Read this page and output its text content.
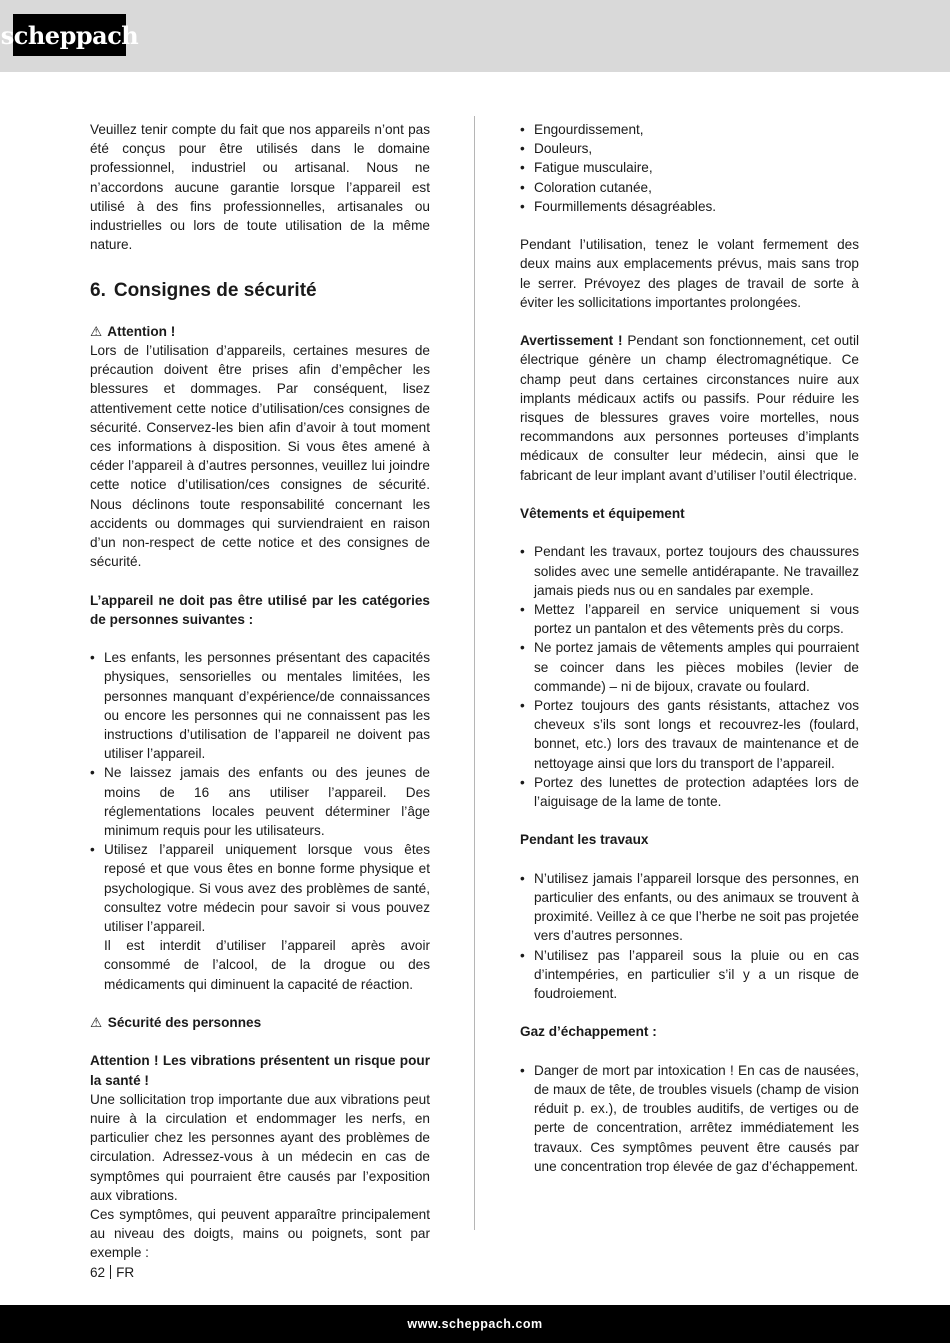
scheppach

Veuillez tenir compte du fait que nos appareils n’ont pas été conçus pour être utilisés dans le domaine professionnel, industriel ou artisanal. Nous ne n’accordons aucune garantie lorsque l’appareil est utilisé à des fins professionnelles, artisanales ou industrielles ou lors de toute utilisation de la même nature.

6. Consignes de sécurité

⚠ Attention !

Lors de l’utilisation d’appareils, certaines mesures de précaution doivent être prises afin d’empêcher les blessures et dommages. Par conséquent, lisez attentivement cette notice d’utilisation/ces consignes de sécurité. Conservez-les bien afin d’avoir à tout moment ces informations à disposition. Si vous êtes amené à céder l’appareil à d’autres personnes, veuillez lui joindre cette notice d’utilisation/ces consignes de sécurité. Nous déclinons toute responsabilité concernant les accidents ou dommages qui surviendraient en raison d’un non-respect de cette notice et des consignes de sécurité.

L’appareil ne doit pas être utilisé par les catégories de personnes suivantes :

• Les enfants, les personnes présentant des capacités physiques, sensorielles ou mentales limitées, les personnes manquant d’expérience/de connaissances ou encore les personnes qui ne connaissent pas les instructions d’utilisation de l’appareil ne doivent pas utiliser l’appareil.
• Ne laissez jamais des enfants ou des jeunes de moins de 16 ans utiliser l’appareil. Des réglementations locales peuvent déterminer l’âge minimum requis pour les utilisateurs.
• Utilisez l’appareil uniquement lorsque vous êtes reposé et que vous êtes en bonne forme physique et psychologique. Si vous avez des problèmes de santé, consultez votre médecin pour savoir si vous pouvez utiliser l’appareil.

Il est interdit d’utiliser l’appareil après avoir consommé de l’alcool, de la drogue ou des médicaments qui diminuent la capacité de réaction.

⚠ Sécurité des personnes

Attention ! Les vibrations présentent un risque pour la santé !

Une sollicitation trop importante due aux vibrations peut nuire à la circulation et endommager les nerfs, en particulier chez les personnes ayant des problèmes de circulation. Adressez-vous à un médecin en cas de symptômes qui pourraient être causés par l’exposition aux vibrations.

Ces symptômes, qui peuvent apparaître principalement au niveau des doigts, mains ou poignets, sont par exemple :

• Engourdissement,
• Douleurs,
• Fatigue musculaire,
• Coloration cutanée,
• Fourmillements désagréables.

Pendant l’utilisation, tenez le volant fermement des deux mains aux emplacements prévus, mais sans trop le serrer. Prévoyez des plages de travail de sorte à éviter les sollicitations importantes prolongées.

Avertissement ! Pendant son fonctionnement, cet outil électrique génère un champ électromagnétique. Ce champ peut dans certaines circonstances nuire aux implants médicaux actifs ou passifs. Pour réduire les risques de blessures graves voire mortelles, nous recommandons aux personnes porteuses d’implants médicaux de consulter leur médecin, ainsi que le fabricant de leur implant avant d’utiliser l’outil électrique.

Vêtements et équipement

• Pendant les travaux, portez toujours des chaussures solides avec une semelle antidérapante. Ne travaillez jamais pieds nus ou en sandales par exemple.
• Mettez l’appareil en service uniquement si vous portez un pantalon et des vêtements près du corps.
• Ne portez jamais de vêtements amples qui pourraient se coincer dans les pièces mobiles (levier de commande) – ni de bijoux, cravate ou foulard.
• Portez toujours des gants résistants, attachez vos cheveux s’ils sont longs et recouvrez-les (foulard, bonnet, etc.) lors des travaux de maintenance et de nettoyage ainsi que lors du transport de l’appareil.
• Portez des lunettes de protection adaptées lors de l’aiguisage de la lame de tonte.

Pendant les travaux

• N’utilisez jamais l’appareil lorsque des personnes, en particulier des enfants, ou des animaux se trouvent à proximité. Veillez à ce que l’herbe ne soit pas projetée vers d’autres personnes.
• N’utilisez pas l’appareil sous la pluie ou en cas d’intempéries, en particulier s’il y a un risque de foudroiement.

Gaz d’échappement :

• Danger de mort par intoxication ! En cas de nausées, de maux de tête, de troubles visuels (champ de vision réduit p. ex.), de troubles auditifs, de vertiges ou de perte de concentration, arrêtez immédiatement les travaux. Ces symptômes peuvent être causés par une concentration trop élevée de gaz d’échappement.
62 FR
www.scheppach.com
